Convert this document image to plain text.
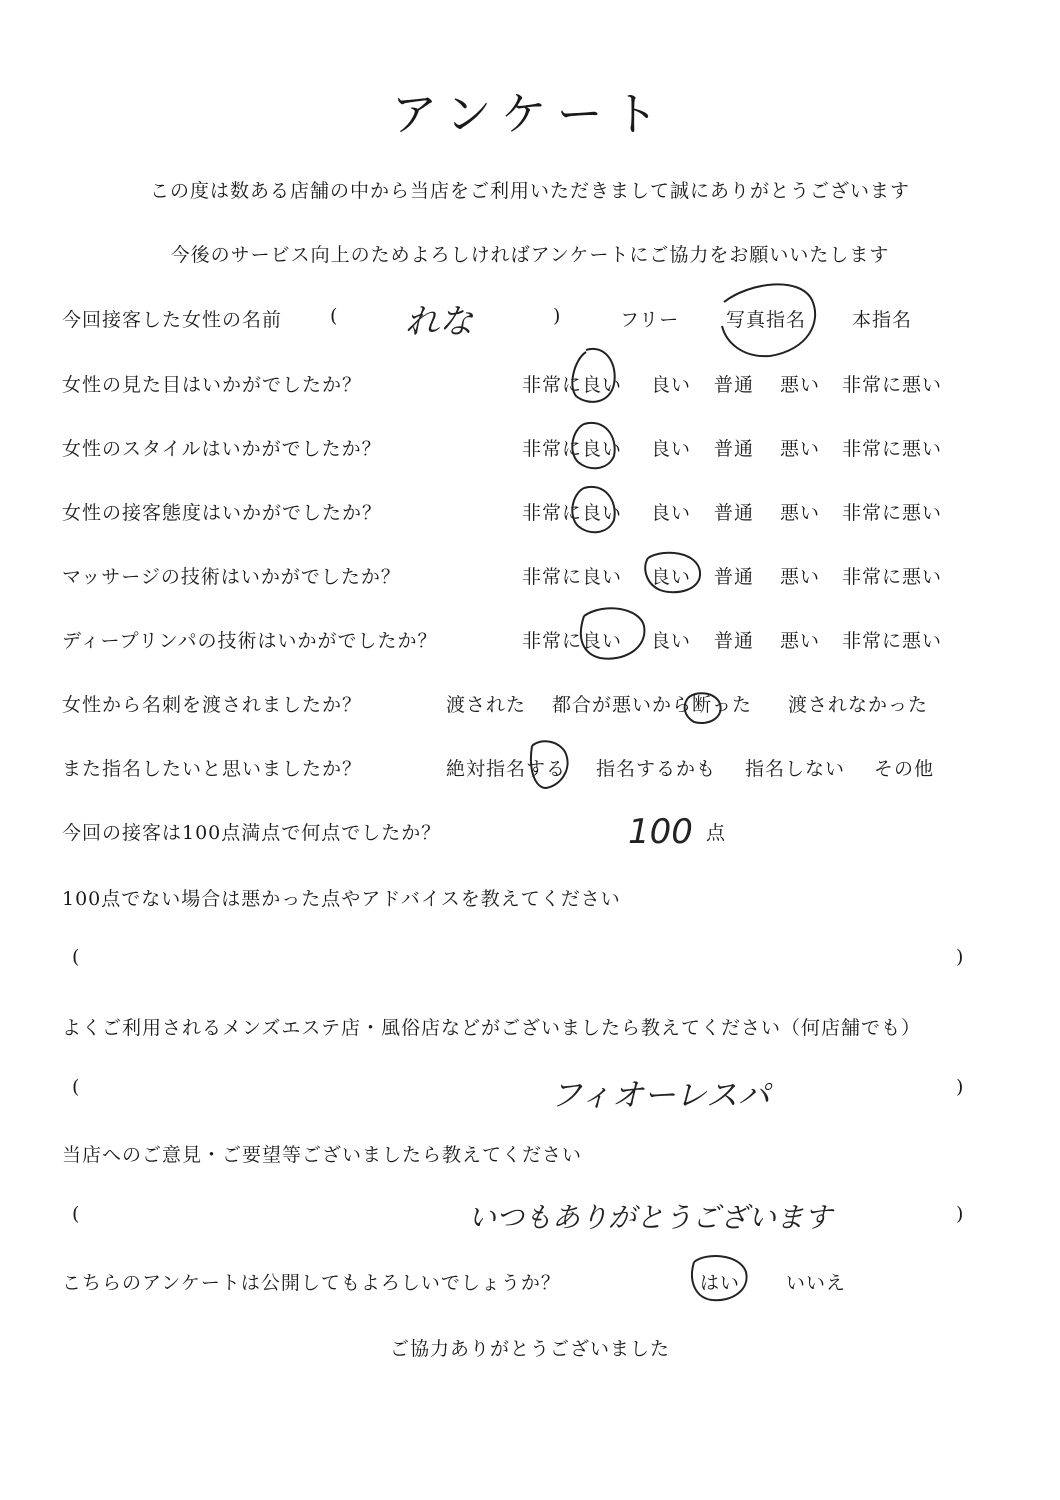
アンケート
この度は数ある店舗の中から当店をご利用いただきまして誠にありがとうございます
今後のサービス向上のためよろしければアンケートにご協力をお願いいたします
今回接客した女性の名前	( れな	)	フリー 写真指名 本指名
女性の見た目はいかがでしたか？	非常に良い 良い 普通 悪い 非常に悪い
女性のスタイルはいかがでしたか？	非常に良い 良い 普通 悪い 非常に悪い
女性の接客態度はいかがでしたか？	非常に良い 良い 普通 悪い 非常に悪い
マッサージの技術はいかがでしたか？	非常に良い 良い 普通 悪い 非常に悪い
ディープリンパの技術はいかがでしたか？	非常に良い 良い 普通 悪い 非常に悪い
女性から名刺を渡されましたか？	渡された 都合が悪いから断った 渡されなかった
また指名したいと思いましたか？	絶対指名する 指名するかも 指名しない その他
今回の接客は100点満点で何点でしたか？	100 点
100点でない場合は悪かった点やアドバイスを教えてください
(	)
よくご利用されるメンズエステ店・風俗店などがございましたら教えてください（何店舗でも）
(	フィオーレスパ	)
当店へのご意見・ご要望等ございましたら教えてください
(	いつもありがとうございます	)
こちらのアンケートは公開してもよろしいでしょうか？	はい いいえ
ご協力ありがとうございました
